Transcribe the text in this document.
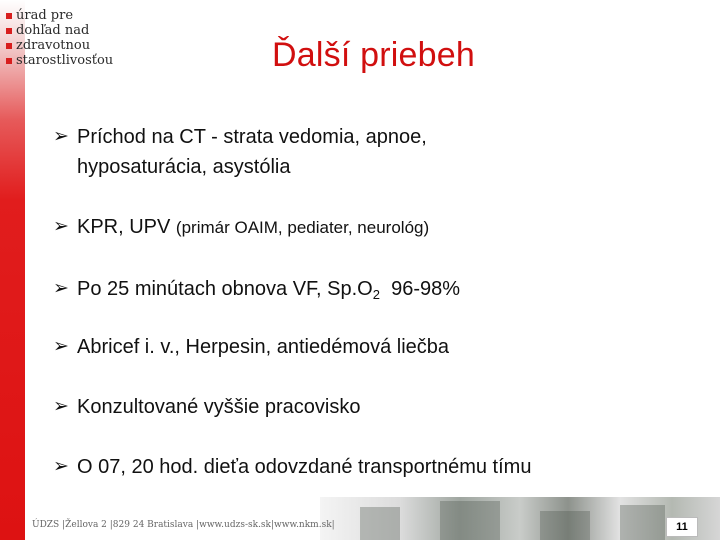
úrad pre
dohľad nad
zdravotnou
starostlivosťou	Ďalší priebeh
➢ Príchod na CT - strata vedomia, apnoe,
hyposaturácia, asystólia
➢ KPR, UPV (primár OAIM, pediater, neurológ)
➢ Po 25 minútach obnova VF, $Sp.O_2$ 96-98%
➢ Abricef i. v., Herpesin, antiedémová liečba
➢ Konzultované vyššie pracovisko
➢ O 07, 20 hod. dieťa odovzdané transportnému tímu
ÚDZS |Žellova 2 |829 24 Bratislava |www.udzs-sk.sk|www.nkm.sk|	11
